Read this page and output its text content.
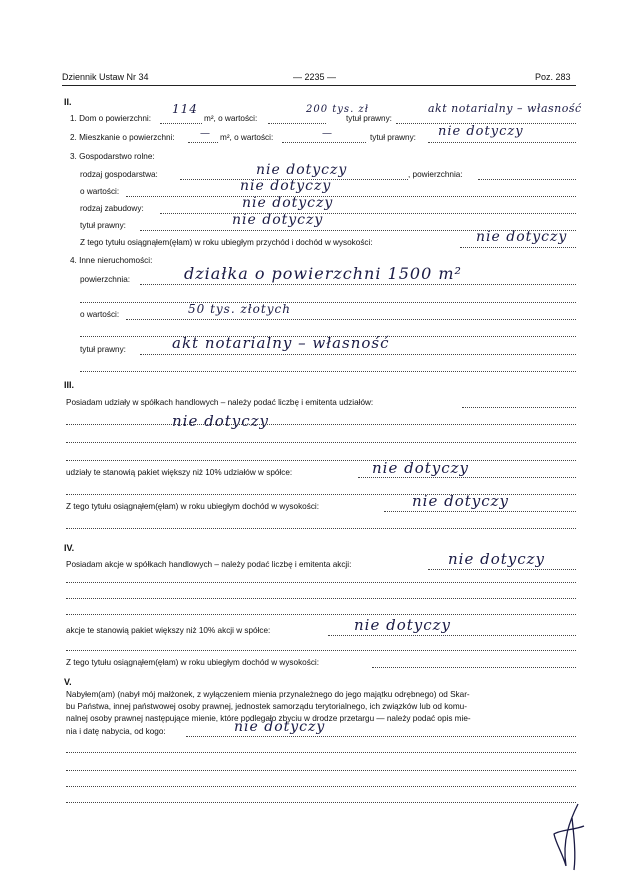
Dziennik Ustaw Nr 34	— 2235 —	Poz. 283
II.
1. Dom o powierzchni:
114
m², o wartości:
200 tys. zł
tytuł prawny:
akt notarialny – własność
2. Mieszkanie o powierzchni:	— m², o wartości:	—	tytuł prawny: nie dotyczy
3. Gospodarstwo rolne:
rodzaj gospodarstwa:	nie dotyczy	, powierzchnia:
o wartości:	nie dotyczy
rodzaj zabudowy:	nie dotyczy
tytuł prawny:	nie dotyczy
Z tego tytułu osiągnąłem(ęłam) w roku ubiegłym przychód i dochód w wysokości:	nie dotyczy
4. Inne nieruchomości:
powierzchnia:	działka o powierzchni 1500 m²
o wartości:	50 tys. złotych
tytuł prawny:	akt notarialny – własność
III.
Posiadam udziały w spółkach handlowych – należy podać liczbę i emitenta udziałów:
nie dotyczy
udziały te stanowią pakiet większy niż 10% udziałów w spółce:	nie dotyczy
Z tego tytułu osiągnąłem(ęłam) w roku ubiegłym dochód w wysokości:	nie dotyczy
IV.
Posiadam akcje w spółkach handlowych – należy podać liczbę i emitenta akcji:	nie dotyczy
akcje te stanowią pakiet większy niż 10% akcji w spółce:	nie dotyczy
Z tego tytułu osiągnąłem(ęłam) w roku ubiegłym dochód w wysokości:
V.
Nabyłem(am) (nabył mój małżonek, z wyłączeniem mienia przynależnego do jego majątku odrębnego) od Skar-
bu Państwa, innej państwowej osoby prawnej, jednostek samorządu terytorialnego, ich związków lub od komu-
nalnej osoby prawnej następujące mienie, które podlegało zbyciu w drodze przetargu — należy podać opis mie-
nia i datę nabycia, od kogo:	nie dotyczy
